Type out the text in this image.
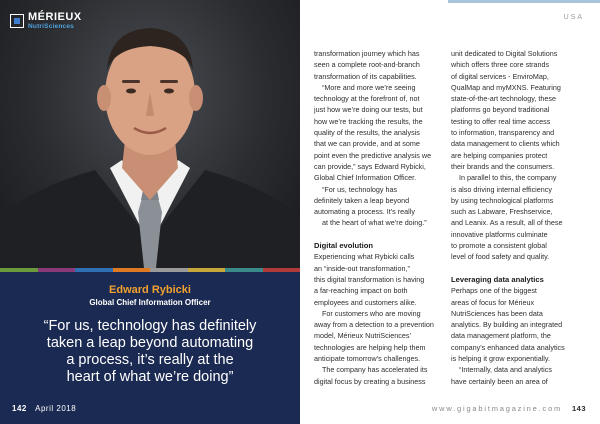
MÉRIEUX
NutriSciences
Edward Rybicki
Global Chief Information Officer
“For us, technology has definitely
taken a leap beyond automating
a process, it’s really at the
heart of what we’re doing”
142 April 2018
USA

transformation journey which has

seen a complete root-and-branch

transformation of its capabilities.

“More and more we’re seeing

technology at the forefront of, not

just how we’re doing our tests, but

how we’re tracking the results, the

quality of the results, the analysis

that we can provide, and at some

point even the predictive analysis we

can provide,” says Edward Rybicki,

Global Chief Information Officer.

“For us, technology has

definitely taken a leap beyond

automating a process. It’s really

at the heart of what we’re doing.”

Digital evolution

Experiencing what Rybicki calls

an “inside-out transformation,”

this digital transformation is having

a far-reaching impact on both

employees and customers alike.

For customers who are moving

away from a detection to a prevention

model, Mérieux NutriSciences’

technologies are helping help them

anticipate tomorrow’s challenges.

The company has accelerated its

digital focus by creating a business

unit dedicated to Digital Solutions

which offers three core strands

of digital services - EnviroMap,

QualMap and myMXNS. Featuring

state-of-the-art technology, these

platforms go beyond traditional

testing to offer real time access

to information, transparency and

data management to clients which

are helping companies protect

their brands and the consumers.

In parallel to this, the company

is also driving internal efficiency

by using technological platforms

such as Labware, Freshservice,

and Leanix. As a result, all of these

innovative platforms culminate

to promote a consistent global

level of food safety and quality.

Leveraging data analytics

Perhaps one of the biggest

areas of focus for Mérieux

NutriSciences has been data

analytics. By building an integrated

data management platform, the

company’s enhanced data analytics

is helping it grow exponentially.

“Internally, data and analytics

have certainly been an area of

www.gigabitmagazine.com 143
